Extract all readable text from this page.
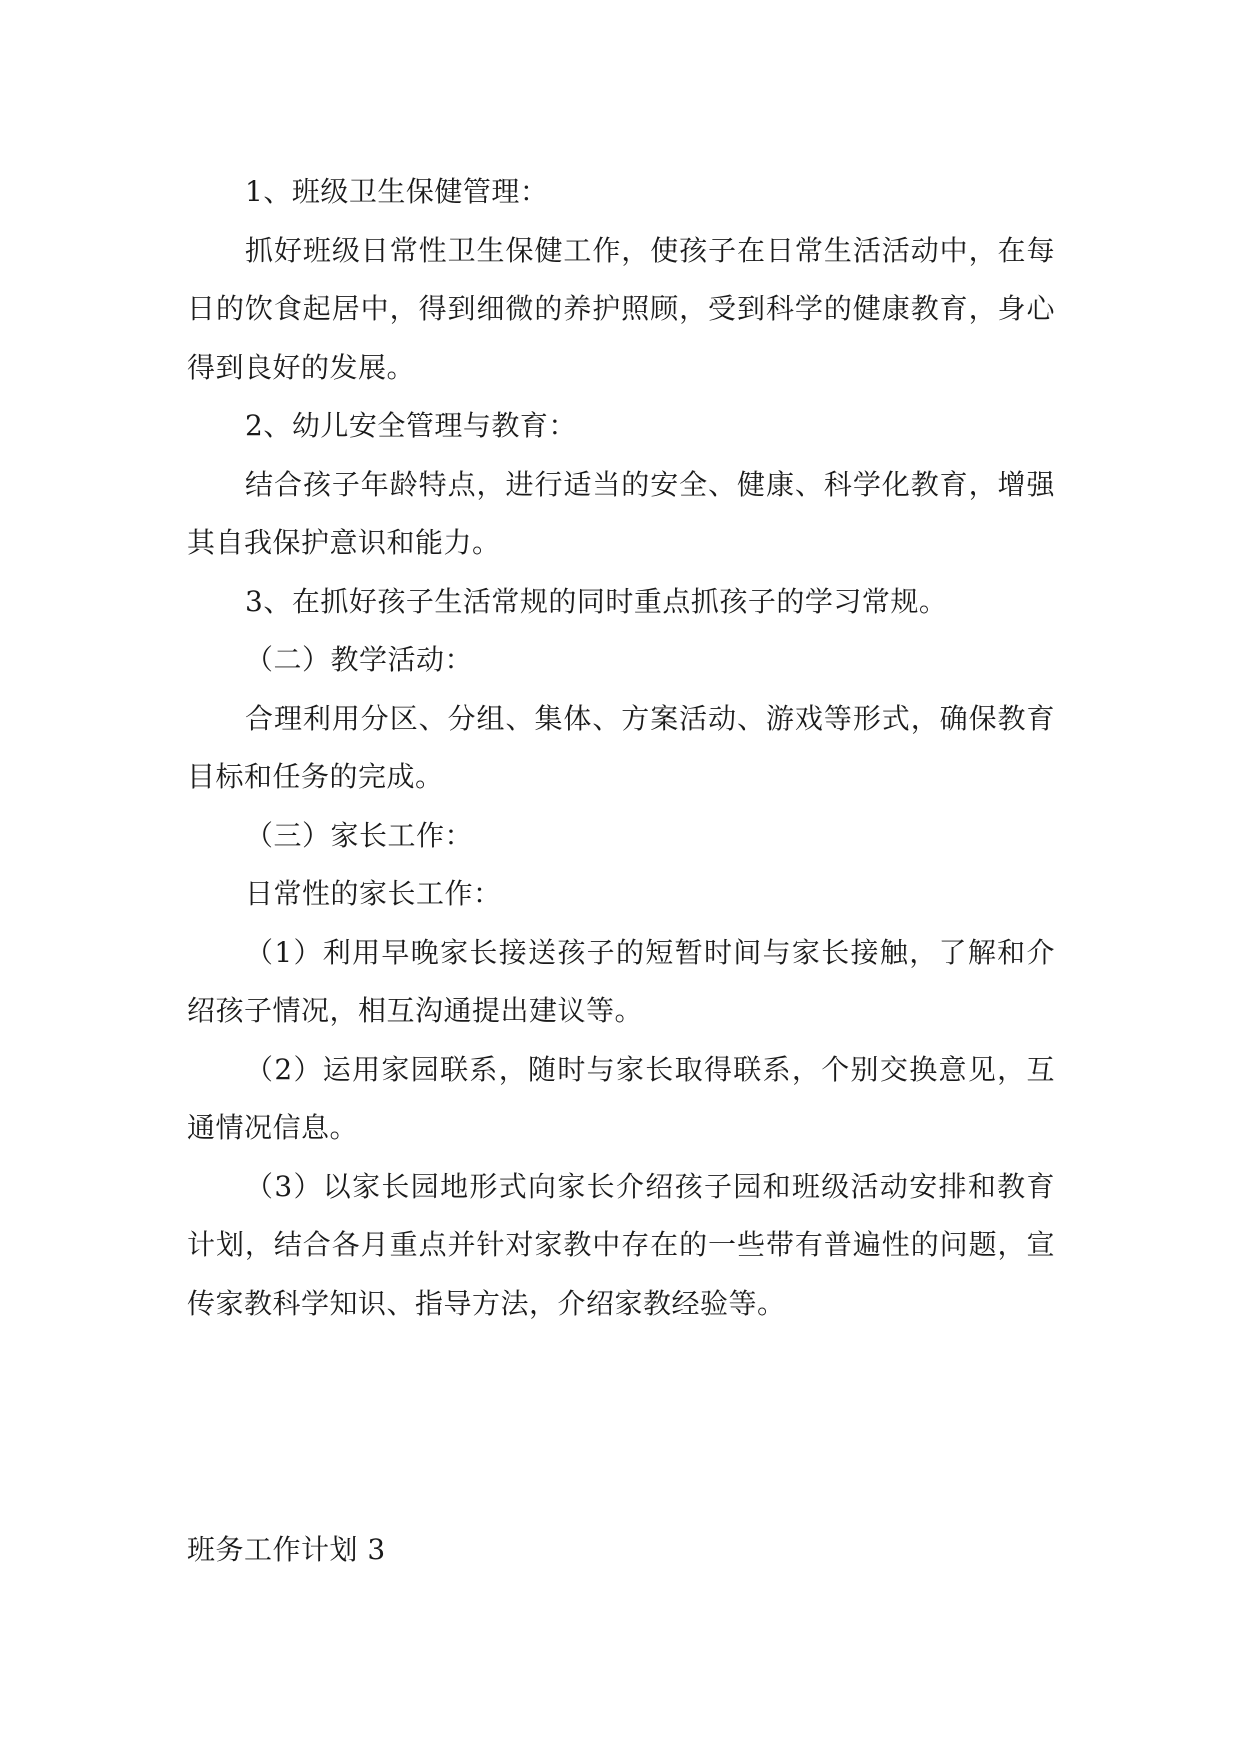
1、班级卫生保健管理：

抓好班级日常性卫生保健工作，使孩子在日常生活活动中，在每日的饮食起居中，得到细微的养护照顾，受到科学的健康教育，身心得到良好的发展。

2、幼儿安全管理与教育：

结合孩子年龄特点，进行适当的安全、健康、科学化教育，增强其自我保护意识和能力。

3、在抓好孩子生活常规的同时重点抓孩子的学习常规。

（二）教学活动：

合理利用分区、分组、集体、方案活动、游戏等形式，确保教育目标和任务的完成。

（三）家长工作：

日常性的家长工作：

（1）利用早晚家长接送孩子的短暂时间与家长接触，了解和介绍孩子情况，相互沟通提出建议等。

（2）运用家园联系，随时与家长取得联系，个别交换意见，互通情况信息。

（3）以家长园地形式向家长介绍孩子园和班级活动安排和教育计划，结合各月重点并针对家教中存在的一些带有普遍性的问题，宣传家教科学知识、指导方法，介绍家教经验等。

班务工作计划 3
